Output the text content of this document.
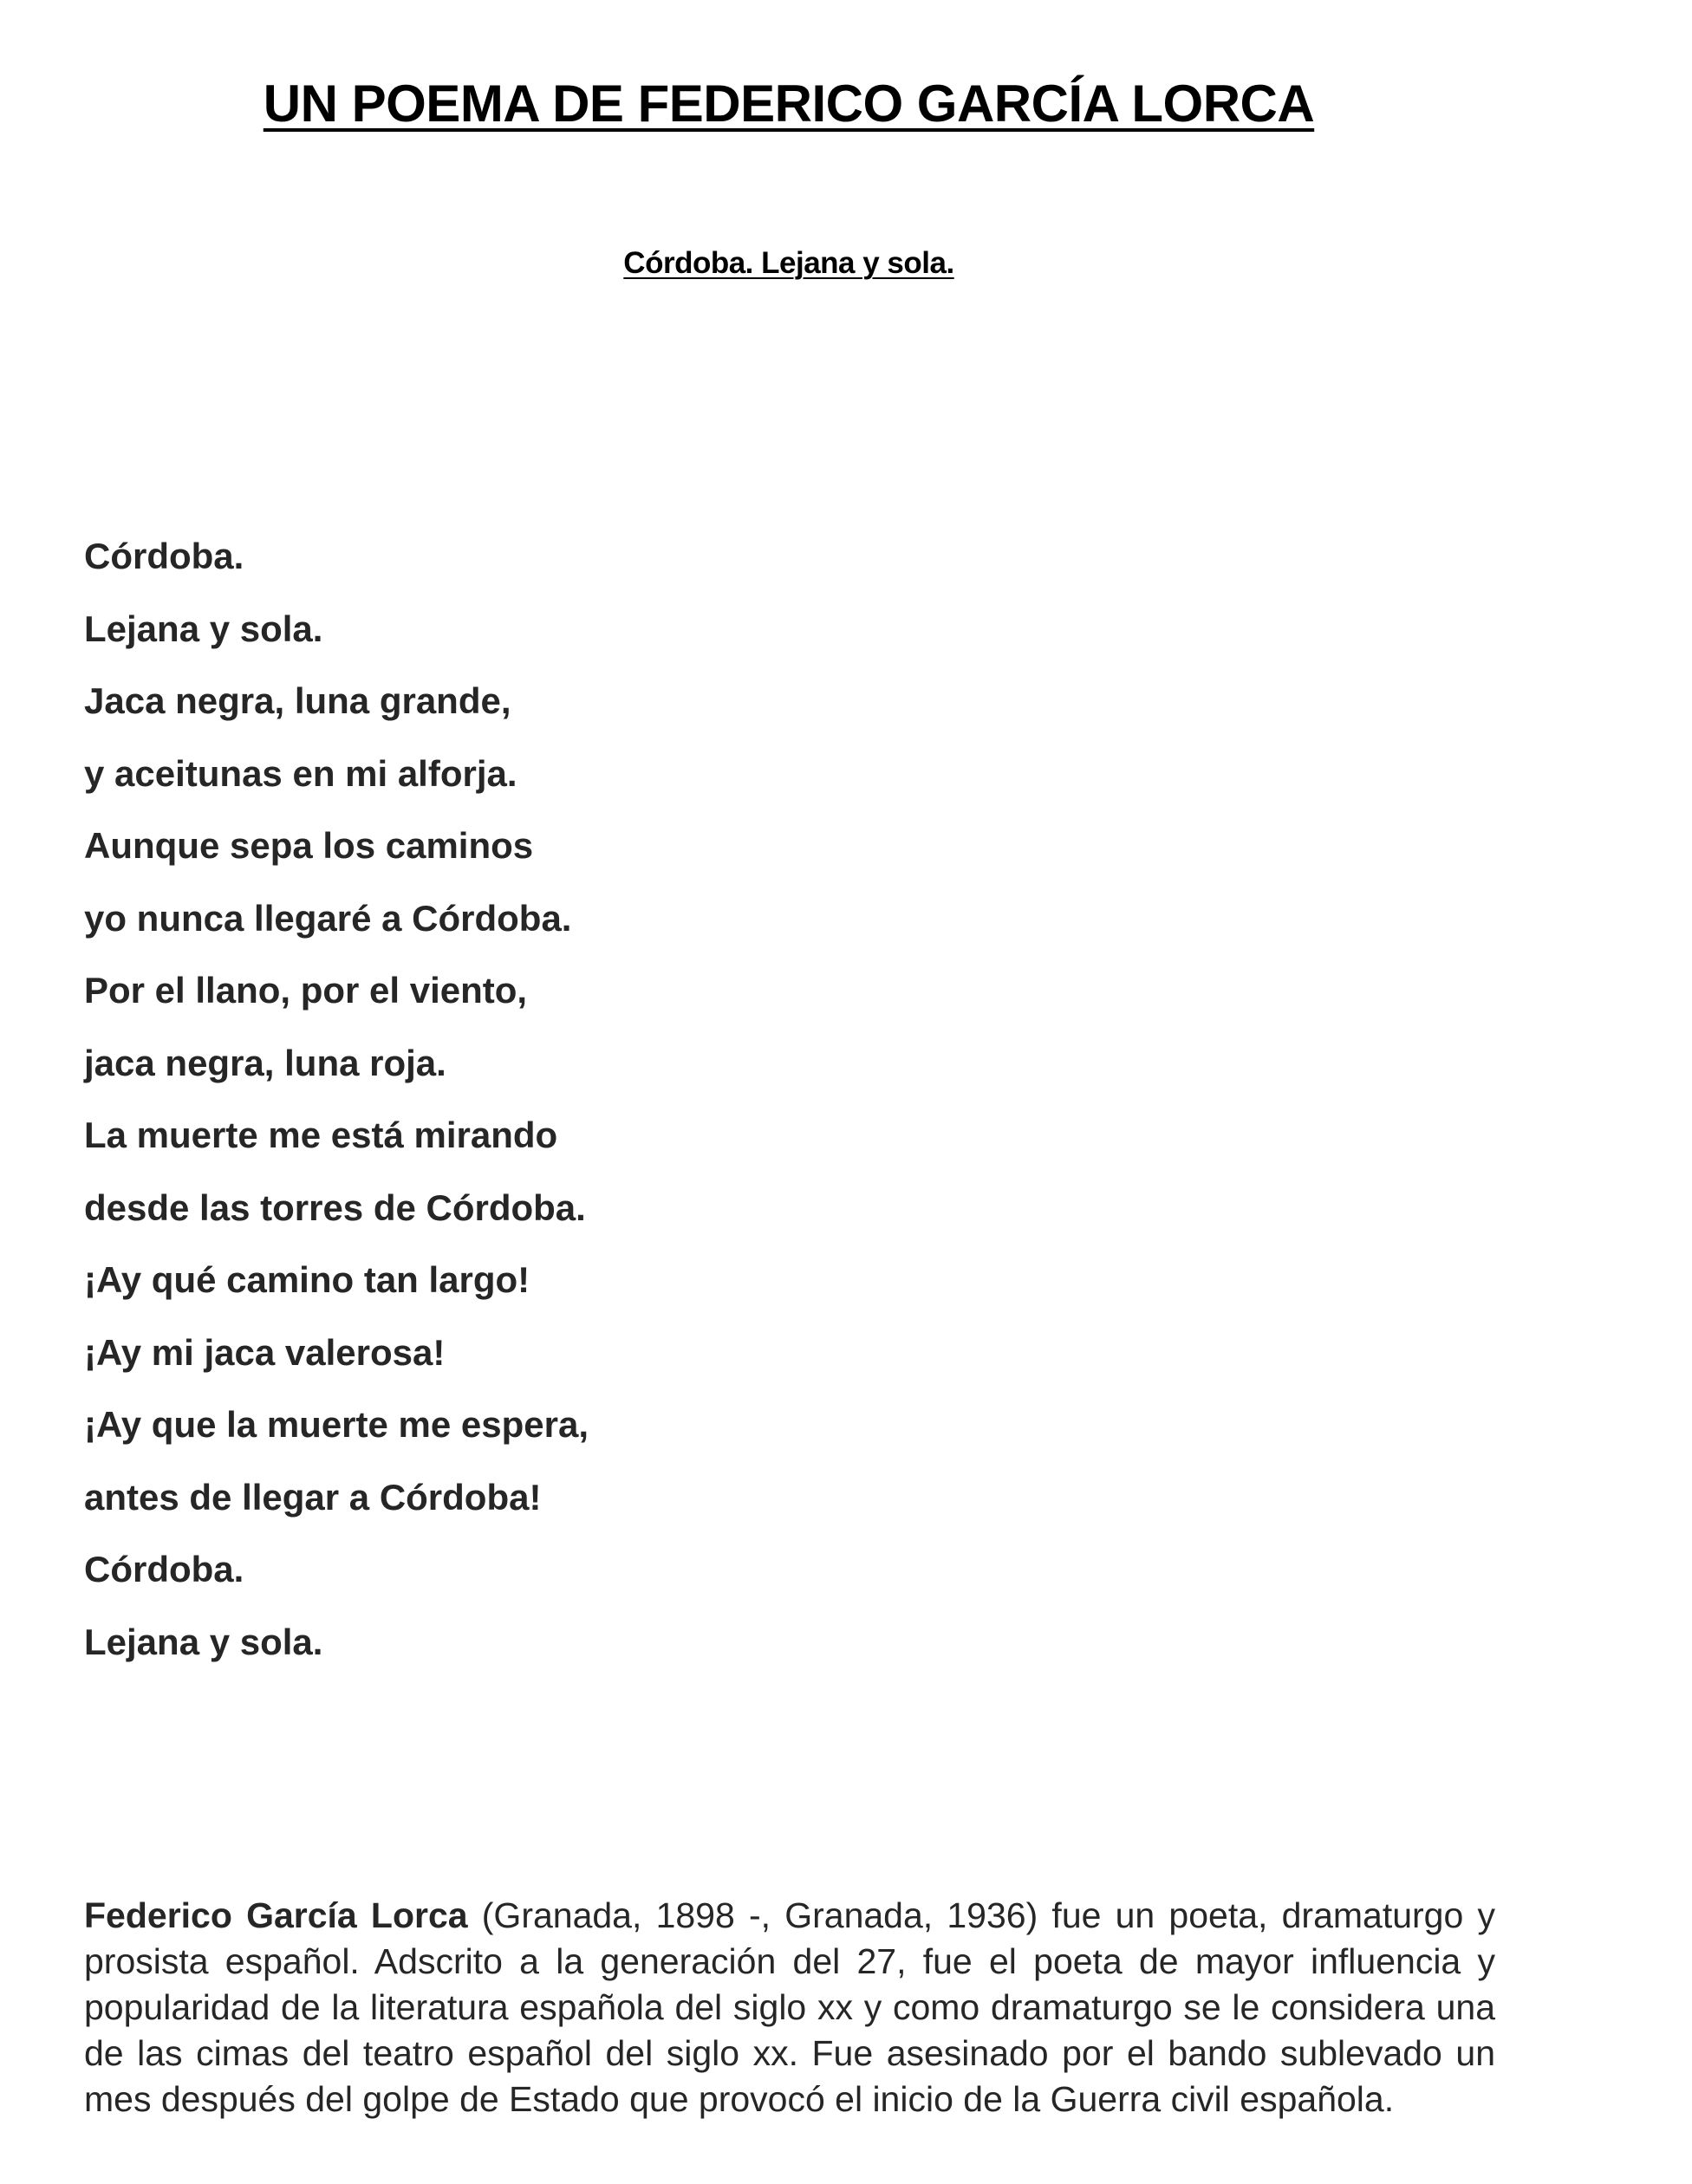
UN POEMA DE FEDERICO GARCÍA LORCA
Córdoba. Lejana y sola.
Córdoba.
Lejana y sola.
Jaca negra, luna grande,
y aceitunas en mi alforja.
Aunque sepa los caminos
yo nunca llegaré a Córdoba.
Por el llano, por el viento,
jaca negra, luna roja.
La muerte me está mirando
desde las torres de Córdoba.
¡Ay qué camino tan largo!
¡Ay mi jaca valerosa!
¡Ay que la muerte me espera,
antes de llegar a Córdoba!
Córdoba.
Lejana y sola.

Federico García Lorca (Granada, 1898 -, Granada, 1936) fue un poeta, dramaturgo y prosista español. Adscrito a la generación del 27, fue el poeta de mayor influencia y popularidad de la literatura española del siglo xx y como dramaturgo se le considera una de las cimas del teatro español del siglo xx. Fue asesinado por el bando sublevado un mes después del golpe de Estado que provocó el inicio de la Guerra civil española.
